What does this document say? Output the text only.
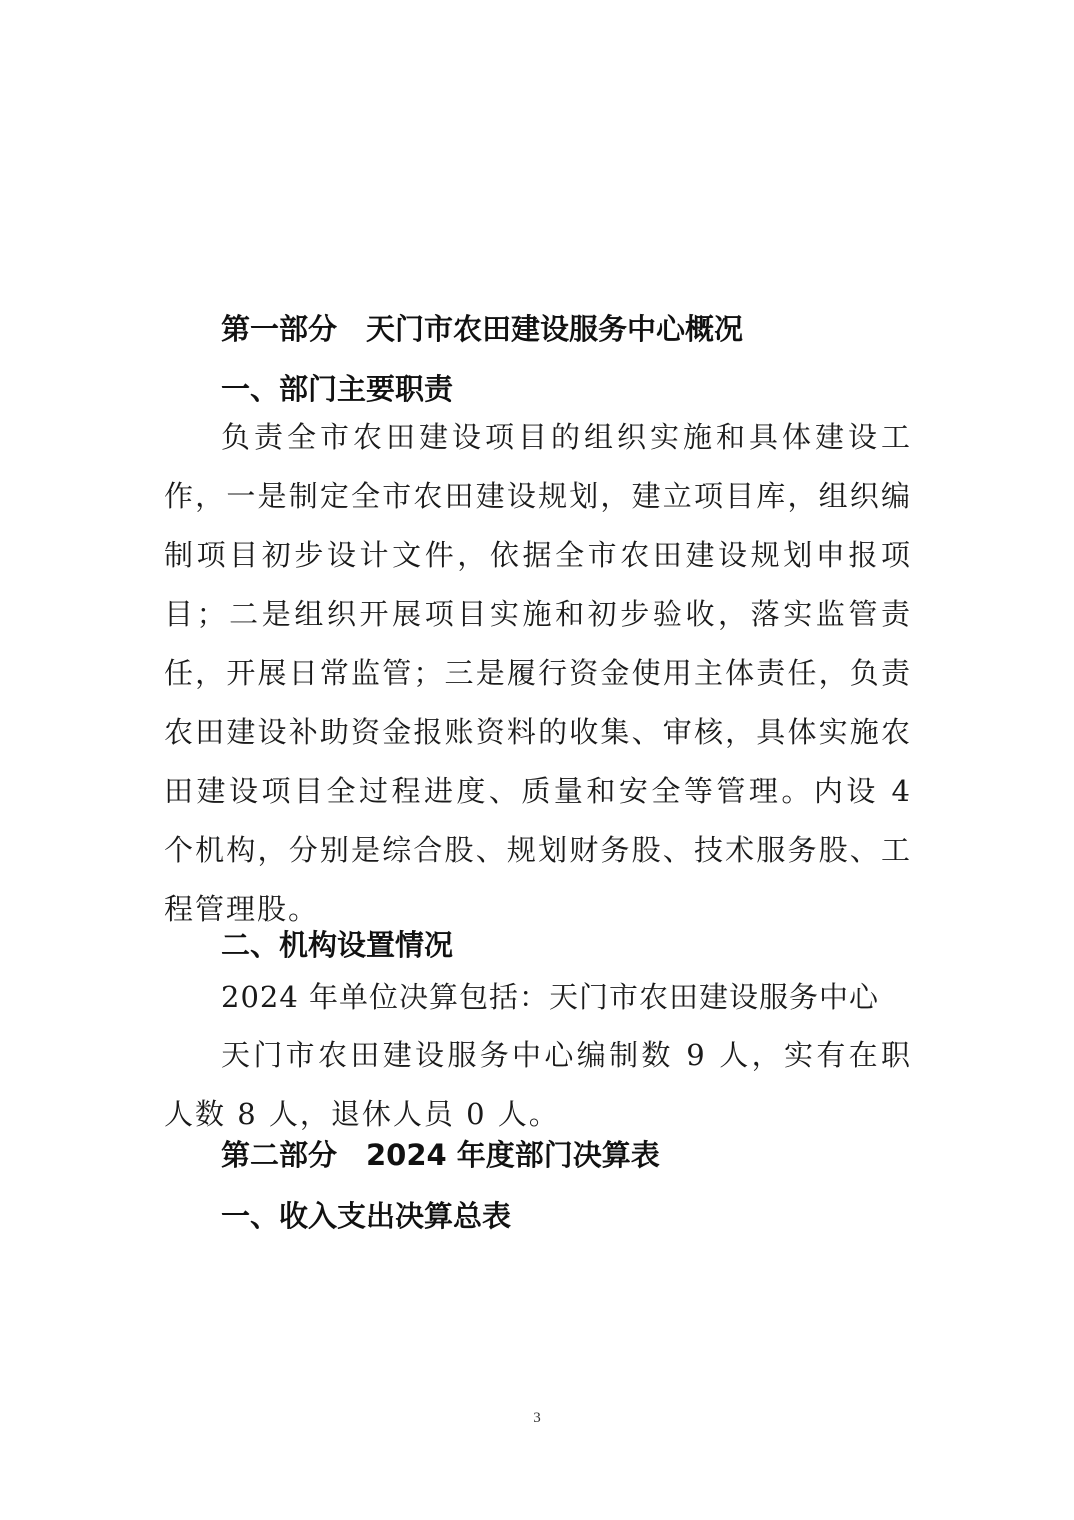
第一部分　天门市农田建设服务中心概况
一、部门主要职责

负责全市农田建设项目的组织实施和具体建设工作，一是制定全市农田建设规划，建立项目库，组织编制项目初步设计文件，依据全市农田建设规划申报项目；二是组织开展项目实施和初步验收，落实监管责任，开展日常监管；三是履行资金使用主体责任，负责农田建设补助资金报账资料的收集、审核，具体实施农田建设项目全过程进度、质量和安全等管理。内设 4 个机构，分别是综合股、规划财务股、技术服务股、工程管理股。

二、机构设置情况

2024 年单位决算包括：天门市农田建设服务中心

天门市农田建设服务中心编制数 9 人，实有在职人数 8 人，退休人员 0 人。

第二部分　2024 年度部门决算表
一、收入支出决算总表
3
